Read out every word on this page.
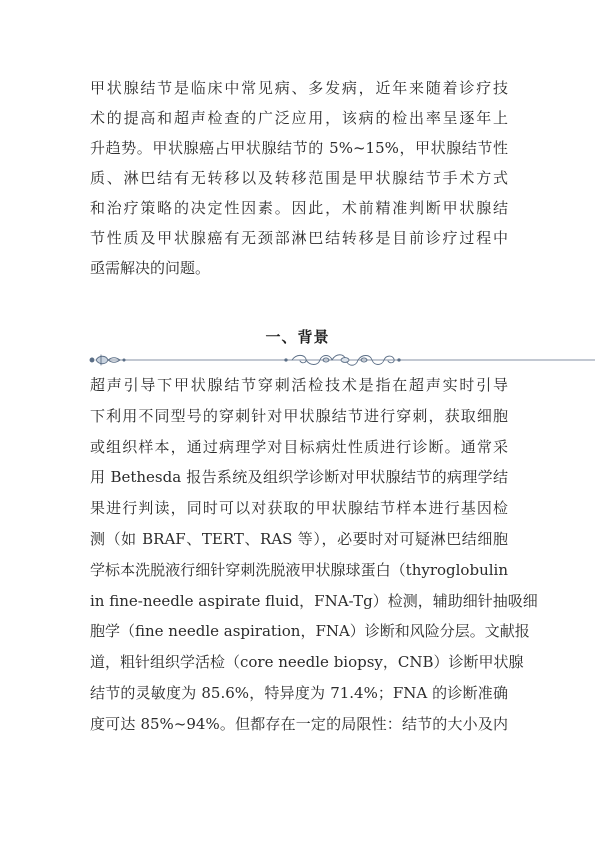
甲状腺结节是临床中常见病、多发病，近年来随着诊疗技
术的提高和超声检查的广泛应用，该病的检出率呈逐年上
升趋势。甲状腺癌占甲状腺结节的 5%~15%，甲状腺结节性
质、淋巴结有无转移以及转移范围是甲状腺结节手术方式
和治疗策略的决定性因素。因此，术前精准判断甲状腺结
节性质及甲状腺癌有无颈部淋巴结转移是目前诊疗过程中
亟需解决的问题。
一、背景
超声引导下甲状腺结节穿刺活检技术是指在超声实时引导
下利用不同型号的穿刺针对甲状腺结节进行穿刺，获取细胞
或组织样本，通过病理学对目标病灶性质进行诊断。通常采
用 Bethesda 报告系统及组织学诊断对甲状腺结节的病理学结
果进行判读，同时可以对获取的甲状腺结节样本进行基因检
测（如 BRAF、TERT、RAS 等），必要时对可疑淋巴结细胞
学标本洗脱液行细针穿刺洗脱液甲状腺球蛋白（thyroglobulin
in fine-needle aspirate fluid，FNA-Tg）检测，辅助细针抽吸细
胞学（fine needle aspiration，FNA）诊断和风险分层。文献报
道，粗针组织学活检（core needle biopsy，CNB）诊断甲状腺
结节的灵敏度为 85.6%，特异度为 71.4%；FNA 的诊断准确
度可达 85%~94%。但都存在一定的局限性：结节的大小及内
